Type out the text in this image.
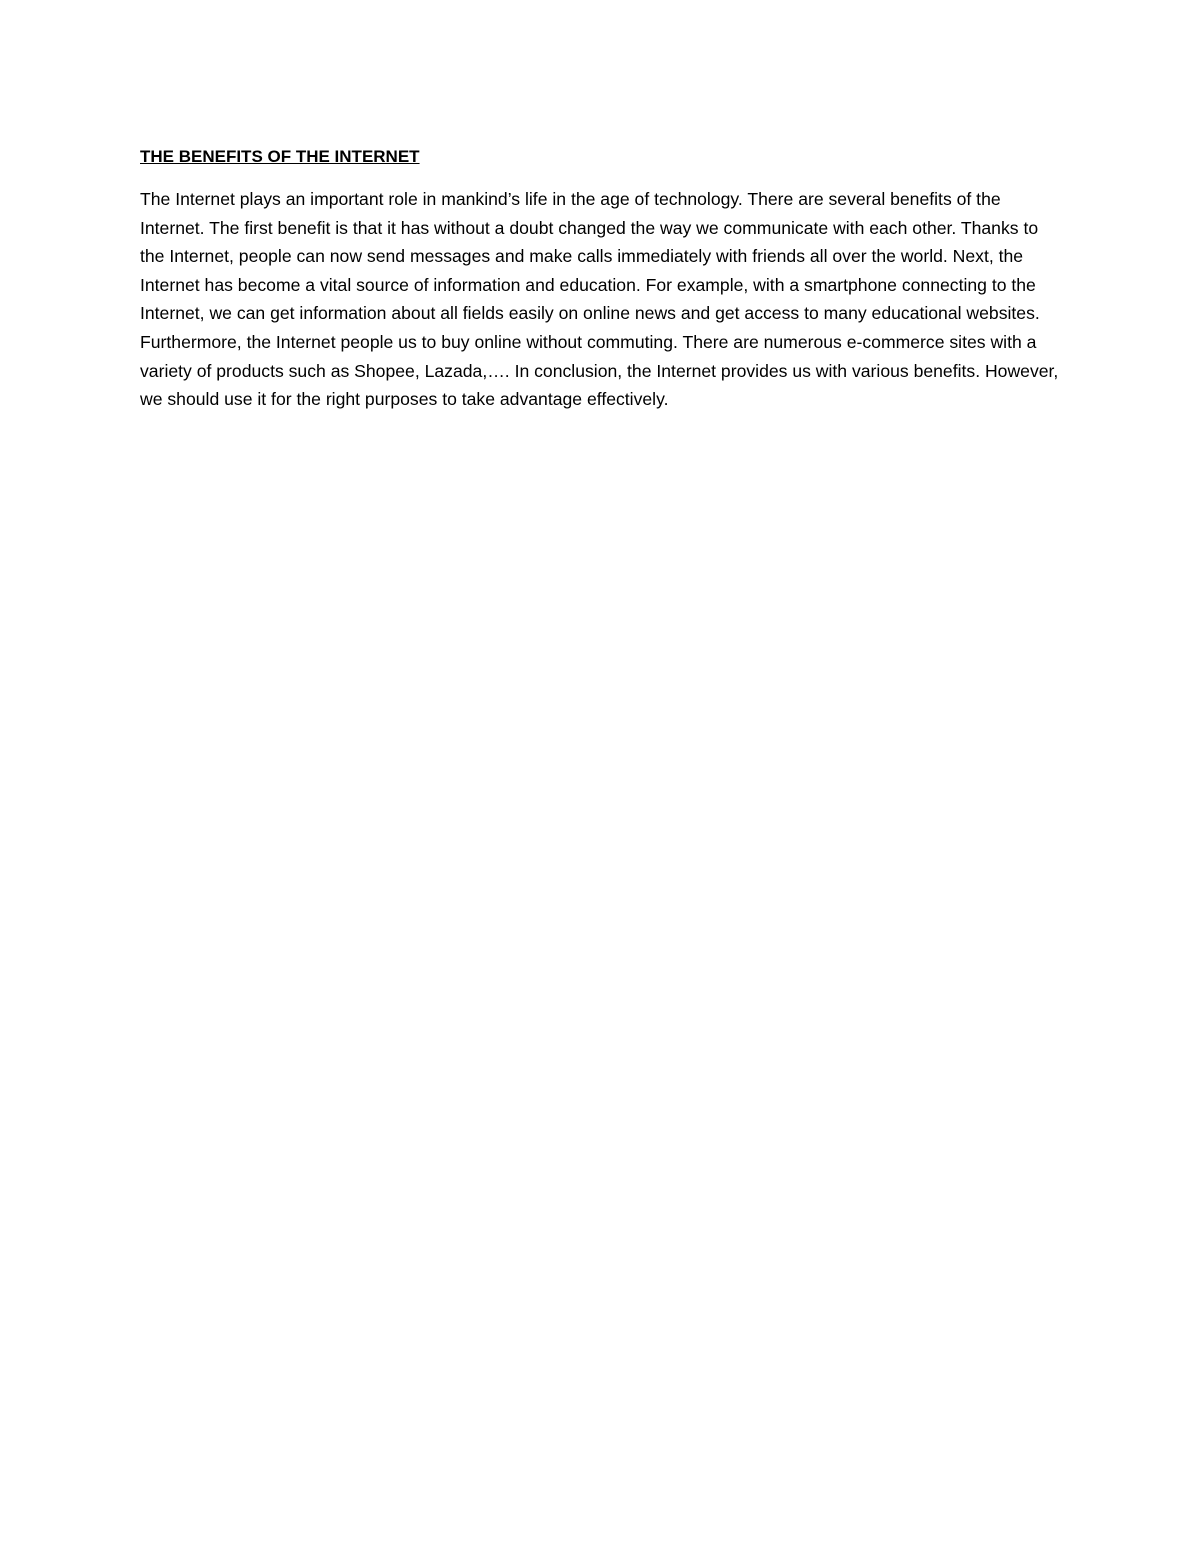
THE BENEFITS OF THE INTERNET

The Internet plays an important role in mankind’s life in the age of technology. There are several benefits of the Internet. The first benefit is that it has without a doubt changed the way we communicate with each other. Thanks to the Internet, people can now send messages and make calls immediately with friends all over the world. Next, the Internet has become a vital source of information and education. For example, with a smartphone connecting to the Internet, we can get information about all fields easily on online news and get access to many educational websites. Furthermore, the Internet people us to buy online without commuting. There are numerous e-commerce sites with a variety of products such as Shopee, Lazada,…. In conclusion, the Internet provides us with various benefits. However, we should use it for the right purposes to take advantage effectively.
